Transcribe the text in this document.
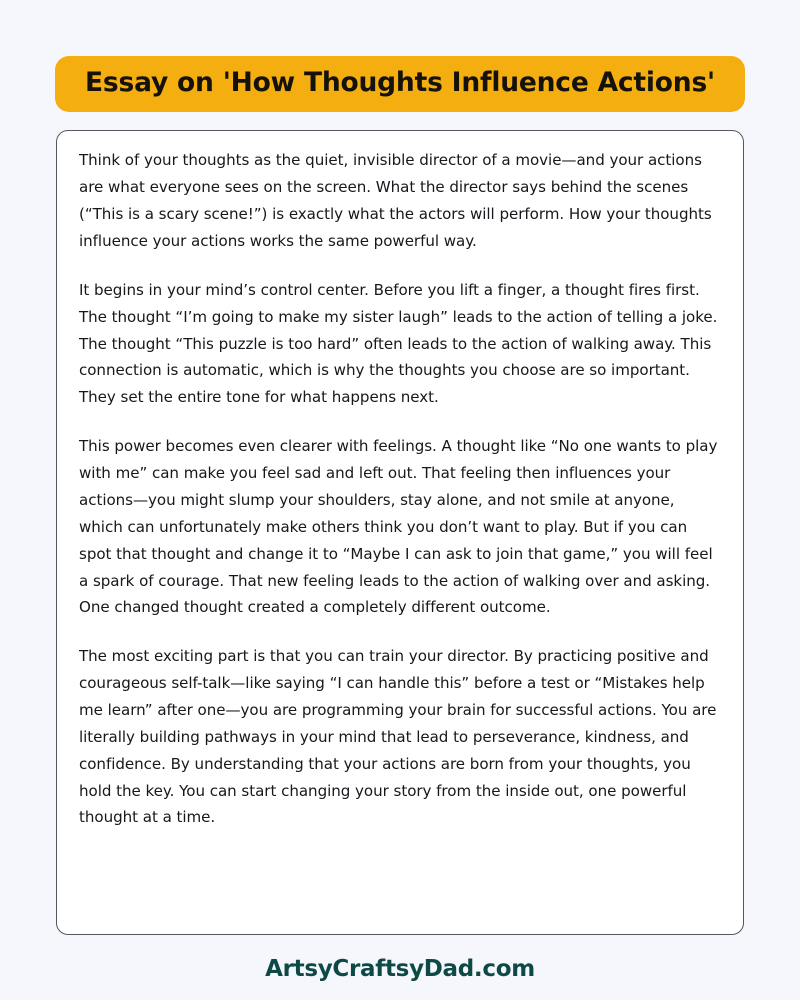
Essay on 'How Thoughts Influence Actions'

Think of your thoughts as the quiet, invisible director of a movie—and your actions are what everyone sees on the screen. What the director says behind the scenes (“This is a scary scene!”) is exactly what the actors will perform. How your thoughts influence your actions works the same powerful way.

It begins in your mind’s control center. Before you lift a finger, a thought fires first. The thought “I’m going to make my sister laugh” leads to the action of telling a joke. The thought “This puzzle is too hard” often leads to the action of walking away. This connection is automatic, which is why the thoughts you choose are so important. They set the entire tone for what happens next.

This power becomes even clearer with feelings. A thought like “No one wants to play with me” can make you feel sad and left out. That feeling then influences your actions—you might slump your shoulders, stay alone, and not smile at anyone, which can unfortunately make others think you don’t want to play. But if you can spot that thought and change it to “Maybe I can ask to join that game,” you will feel a spark of courage. That new feeling leads to the action of walking over and asking. One changed thought created a completely different outcome.

The most exciting part is that you can train your director. By practicing positive and courageous self-talk—like saying “I can handle this” before a test or “Mistakes help me learn” after one—you are programming your brain for successful actions. You are literally building pathways in your mind that lead to perseverance, kindness, and confidence. By understanding that your actions are born from your thoughts, you hold the key. You can start changing your story from the inside out, one powerful thought at a time.

ArtsyCraftsyDad.com
